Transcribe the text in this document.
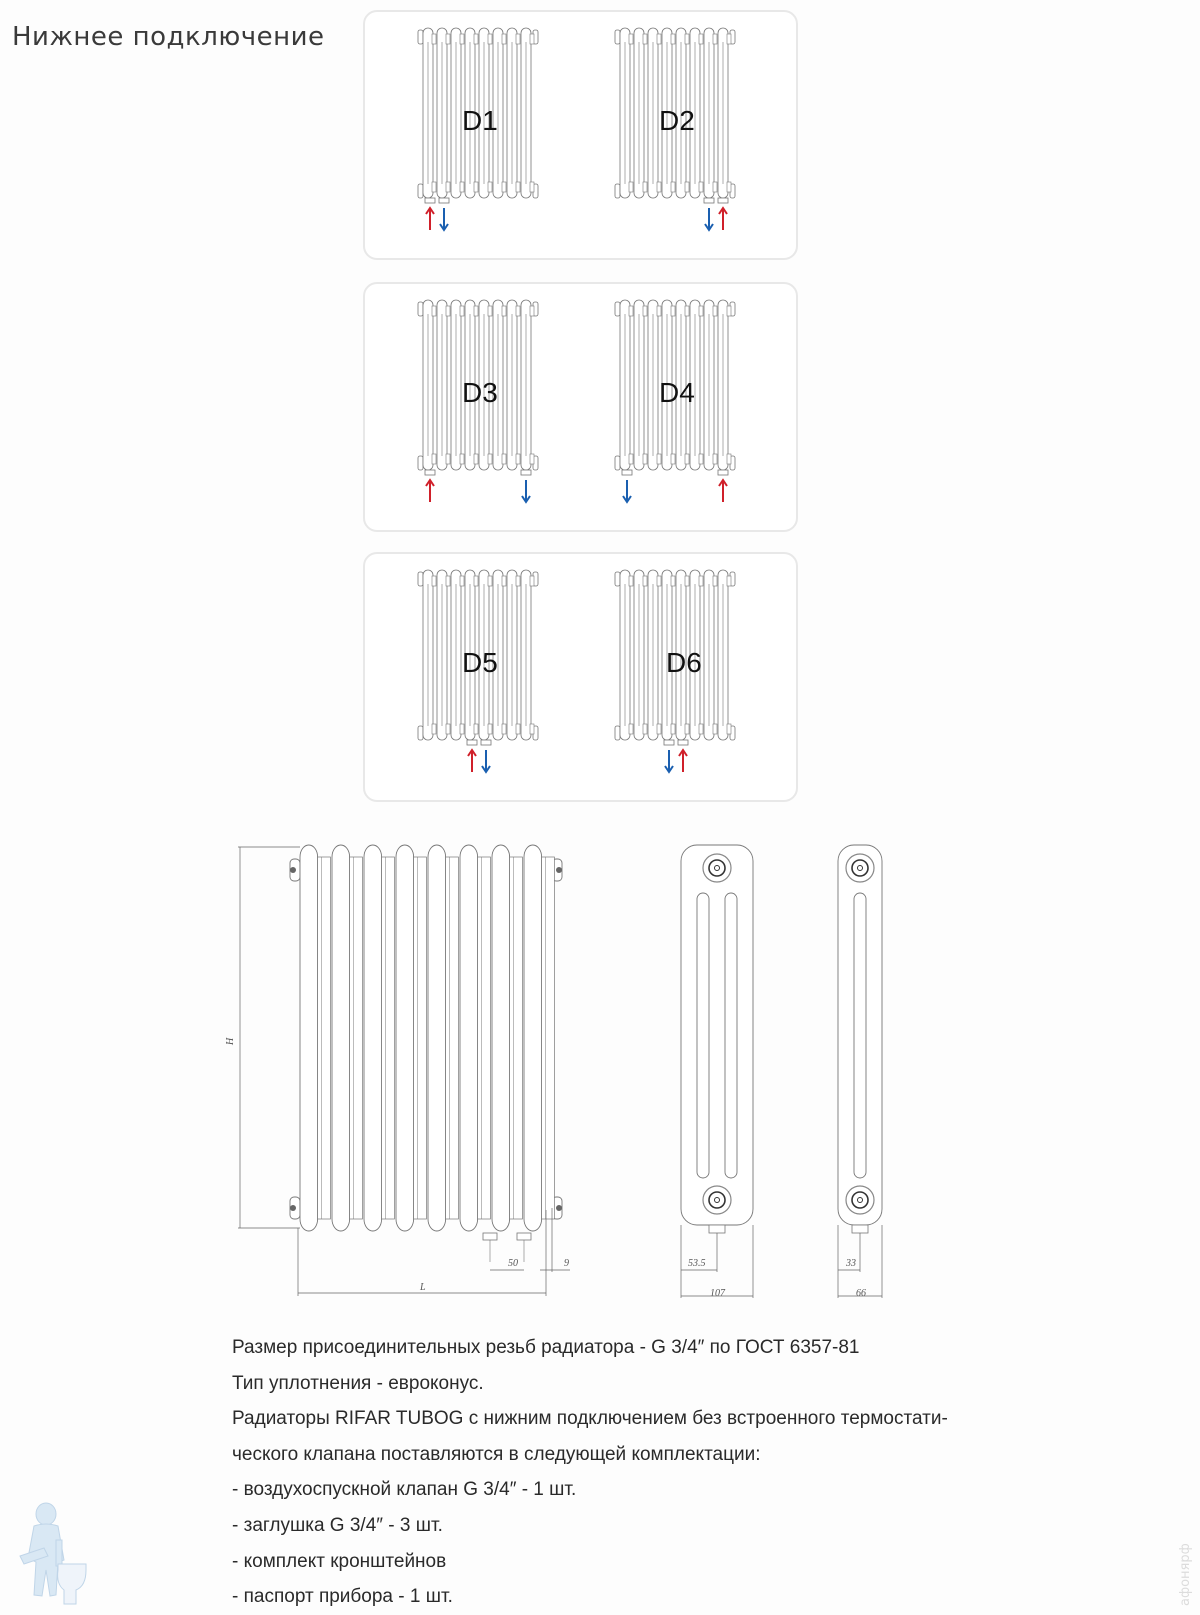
Нижнее подключение
D1	D2
D3	D4
D5	D6
H
L
50	9	53.5
107
33
66
Размер присоединительных резьб радиатора - G 3/4″ по ГОСТ 6357-81
Тип уплотнения - евроконус.
Радиаторы RIFAR TUBOG с нижним подключением без встроенного термостати-
ческого клапана поставляются в следующей комплектации:
- воздухоспускной клапан G 3/4″ - 1 шт.
- заглушка G 3/4″ - 3 шт.
- комплект кронштейнов
- паспорт прибора - 1 шт.	афонярф
